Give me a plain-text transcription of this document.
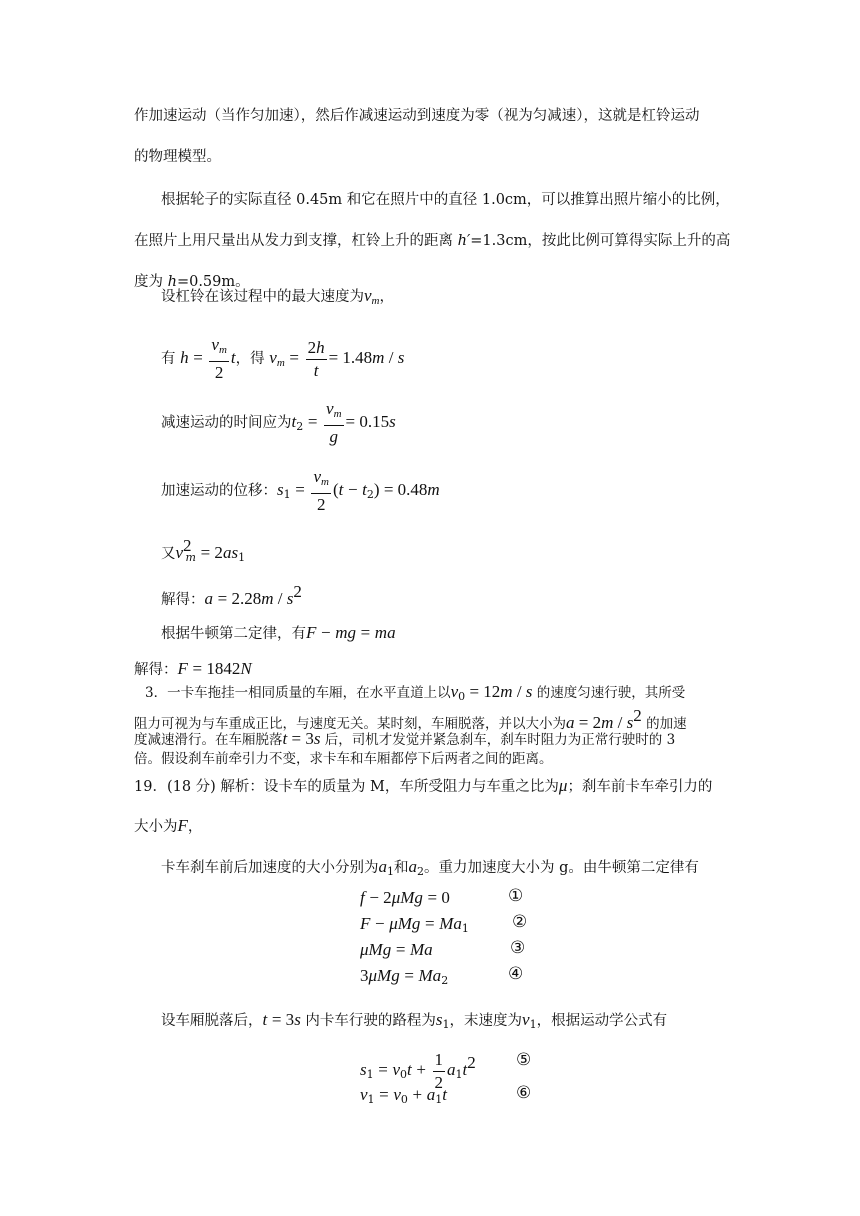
作加速运动（当作匀加速），然后作减速运动到速度为零（视为匀减速），这就是杠铃运动
的物理模型。
根据轮子的实际直径 0.45m 和它在照片中的直径 1.0cm，可以推算出照片缩小的比例，
在照片上用尺量出从发力到支撑，杠铃上升的距离 h′=1.3cm，按此比例可算得实际上升的高
度为 h=0.59m。
设杠铃在该过程中的最大速度为$v_m$，
有 $h = \frac{v_m}{2}$ t，得 $v_m = \frac{2h}{t} = 1.48m / s$
减速运动的时间应为$t_2 = \frac{v_m}{g} = 0.15s$
加速运动的位移：$s_1 = \frac{v_m}{2} (t - t_2) = 0.48m$
又$v^2_m = 2as_1$
解得：$a = 2.28m / s^2$
根据牛顿第二定律，有F − mg = ma
解得：F = 1842N
3．一卡车拖挂一相同质量的车厢，在水平直道上以$v_0 = 12m / s$ 的速度匀速行驶，其所受
阻力可视为与车重成正比，与速度无关。某时刻，车厢脱落，并以大小为$a = 2m / s^2$ 的加速
度减速滑行。在车厢脱落t = 3s 后，司机才发觉并紧急刹车，刹车时阻力为正常行驶时的 3
倍。假设刹车前牵引力不变，求卡车和车厢都停下后两者之间的距离。
19．(18 分) 解析：设卡车的质量为 M，车所受阻力与车重之比为μ；刹车前卡车牵引力的
大小为F，
卡车刹车前后加速度的大小分别为$a_1$和$a_2$。重力加速度大小为 g。由牛顿第二定律有
f − 2μMg = 0	①
$F - \mu Mg = Ma_1$	②
μMg = Ma	③
$3\mu Mg = Ma_2$	④
设车厢脱落后，t = 3s 内卡车行驶的路程为$s_1$，末速度为$v_1$，根据运动学公式有
$s_1 = v_0t + \frac{1}{2} a_1t^2$ ⑤
$v_1 = v_0 + a_1t$	⑥
